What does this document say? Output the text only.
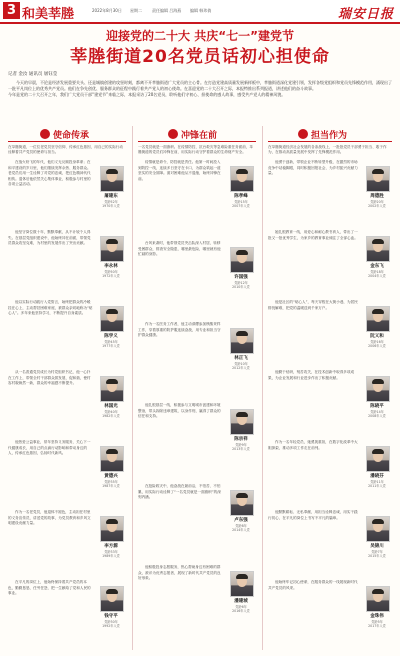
3 和美莘塍	2022年8月30日 星期二	责任编辑 吕海燕 编辑 韩玮倩	瑞安日报
迎接党的二十大 共庆“七一”建党节
莘塍街道20名党员话初心担使命
记者 金汝 通讯员 屠钰莹
今天的早晨，不论是经济发展重要关头、还是城镇创建的攻坚时刻，都离不开莘塍街道广大党员的主心骨。在打造党建高质量发展新样板中，莘塍街道深化党建引领，发挥各级党组织和党员先锋模范作用，涌现出了一批平凡岗位上的优秀共产党员。他们在争先创优、服务群众的征程中践行着共产党人的初心使命。在喜迎党的二十大召开之际，本报特推出系列报道，讲述他们的奋斗故事。
今年是党的二十大召开之年，我们广大党员干部“建党节”来临之际，本报采访了20名党员，聆听他们守初心、担使命的感人故事，感受共产党人的精神风貌。
使命传承	冲锋在前	担当作为
在莘塍街道，一位位老党员坚守信仰、传承红色基因，用自己的实际行动诠释着共产党员的使命与担当。
一名党员就是一面旗帜。在疫情防控、抗台救灾等急难险重任务面前，莘塍街道的党员们冲锋在前，用实际行动守护着群众的生命财产安全。
在莘塍街道经济社会发展的各条战线上，一批批党员干部勇于担当、敢于作为，在推动高质量发展中发挥了先锋模范作用。
在战火纷飞的年代，他们义无反顾投身革命；在和平建设的岁月里，他们继续发挥余热、服务群众。老党员们用一生诠释了对党的忠诚，把红色精神代代相传。退休后他依然关心集体事业，积极参与村里的各项公益活动。
屠建东
党龄52年
1970年入党
他坚守岗位数十年，默默奉献，从不计较个人得失。在基层党组织建设中，他始终冲在前面，带领党员群众攻坚克难，为村里的发展作出了突出贡献。
李永林
党龄50年
1972年入党
他以实际行动践行入党誓言，始终把群众的冷暖挂在心上，主动帮扶困难家庭，被群众亲切地称为“贴心人”。多年来他坚持学习，不断提升自身素质。
陈学义
党龄45年
1977年入党
从一名普通党员成长为村党组织书记，他一心扑在工作上，带领全村干部群众抓发展、促和谐，使村容村貌焕然一新，群众的幸福感不断提升。
林国光
党龄40年
1982年入党
他热爱公益事业，常年坚持义务服务，关心下一代健康成长，用自己的点滴行动影响和带动身边的人，传承红色基因，弘扬时代新风。
黄德兴
党龄35年
1987年入党
作为一名老党员，他退休不褪色，主动担任村里的义务宣传员，讲述党的故事，为党员教育和乡风文明建设贡献力量。
李方源
党龄33年
1989年入党
在平凡的岗位上，他始终保持着共产党员的本色，勤勤恳恳、任劳任怨，把一生献给了党和人民的事业。
钱守平
党龄30年
1992年入党
疫情就是命令，防控就是责任。他第一时间投入到防控一线，连续多日坚守在卡口，为群众筑起一道坚实的安全屏障。面对困难他从不退缩，始终冲锋在前。
陈孝峰
党龄15年
2007年入党
台风来袭时，他带领党员突击队深入村居，转移受困群众，排查安全隐患，哪里最危险，哪里就有他忙碌的身影。
许国强
党龄12年
2010年入党
作为一名医务工作者，他主动请缨参加核酸采样工作，穿着厚重的防护服连续奋战，用专业和担当守护群众健康。
林正飞
党龄10年
2012年入党
他扎根基层一线，积极参与文明城市创建和环境整治，带头拆除违章建筑，以身作则，赢得了群众的信任和支持。
陈宗祥
党龄9年
2013年入党
在抢险救灾中，他奋战在最前沿，不怕苦、不怕累，用实际行动诠释了“一名党员就是一面旗帜”的深刻内涵。
卢东强
党龄8年
2014年入党
他积极投身志愿服务，热心帮助身边有困难的群众，被评为优秀志愿者，展现了新时代共产党员的良好形象。
潘建城
党龄6年
2016年入党
他勇于创新，带领企业不断转型升级，在激烈的市场竞争中站稳脚跟，同时积极回报社会，为乡村振兴贡献力量。
周德胜
党龄20年
2002年入党
她扎根教育一线，用爱心和耐心教书育人，带出了一批又一批优秀学生，为家乡的教育事业倾注了全部心血。
金东飞
党龄18年
2004年入党
他是社区的“贴心人”，每天穿梭在大街小巷，为居民排忧解难，把党的温暖送到千家万户。
阮义和
党龄16年
2006年入党
他勤于钻研，刻苦攻关，在技术创新中取得多项成果，为企业发展和行业进步作出了积极贡献。
陈晓平
党龄14年
2008年入党
作为一名年轻党员，她勇挑重担，在数字化改革中大胆探索，推动多项工作走在前列。
潘晓芬
党龄11年
2011年入党
他默默耕耘、无私奉献，用担当诠释忠诚，用实干践行初心，在平凡的岗位上书写不平凡的篇章。
吴锦川
党龄7年
2015年入党
他始终牢记初心使命，在服务群众的一线展现新时代共产党员的风采。
金珠伟
党龄5年
2017年入党
